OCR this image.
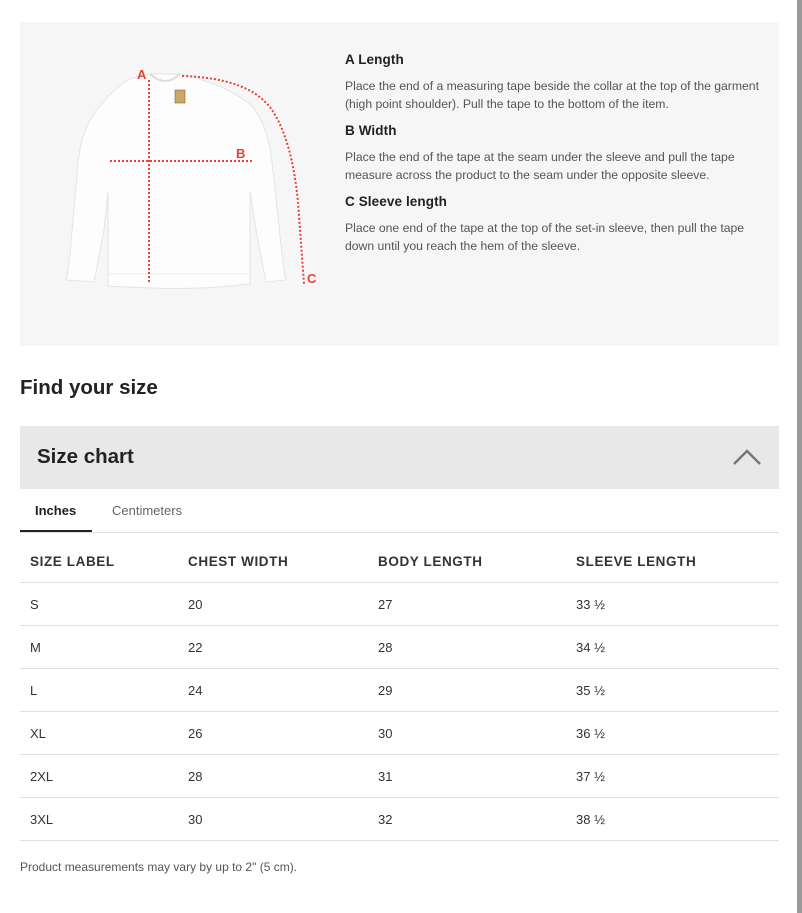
A
B
C
A Length

Place the end of a measuring tape beside the collar at the top of the garment (high point shoulder). Pull the tape to the bottom of the item.

B Width

Place the end of the tape at the seam under the sleeve and pull the tape measure across the product to the seam under the opposite sleeve.

C Sleeve length

Place one end of the tape at the top of the set-in sleeve, then pull the tape down until you reach the hem of the sleeve.

Find your size
Size chart
Inches	Centimeters
SIZE LABEL	CHEST WIDTH	BODY LENGTH	SLEEVE LENGTH
S	20	27	33 ½
M	22	28	34 ½
L	24	29	35 ½
XL	26	30	36 ½
2XL	28	31	37 ½
3XL	30	32	38 ½

Product measurements may vary by up to 2" (5 cm).
